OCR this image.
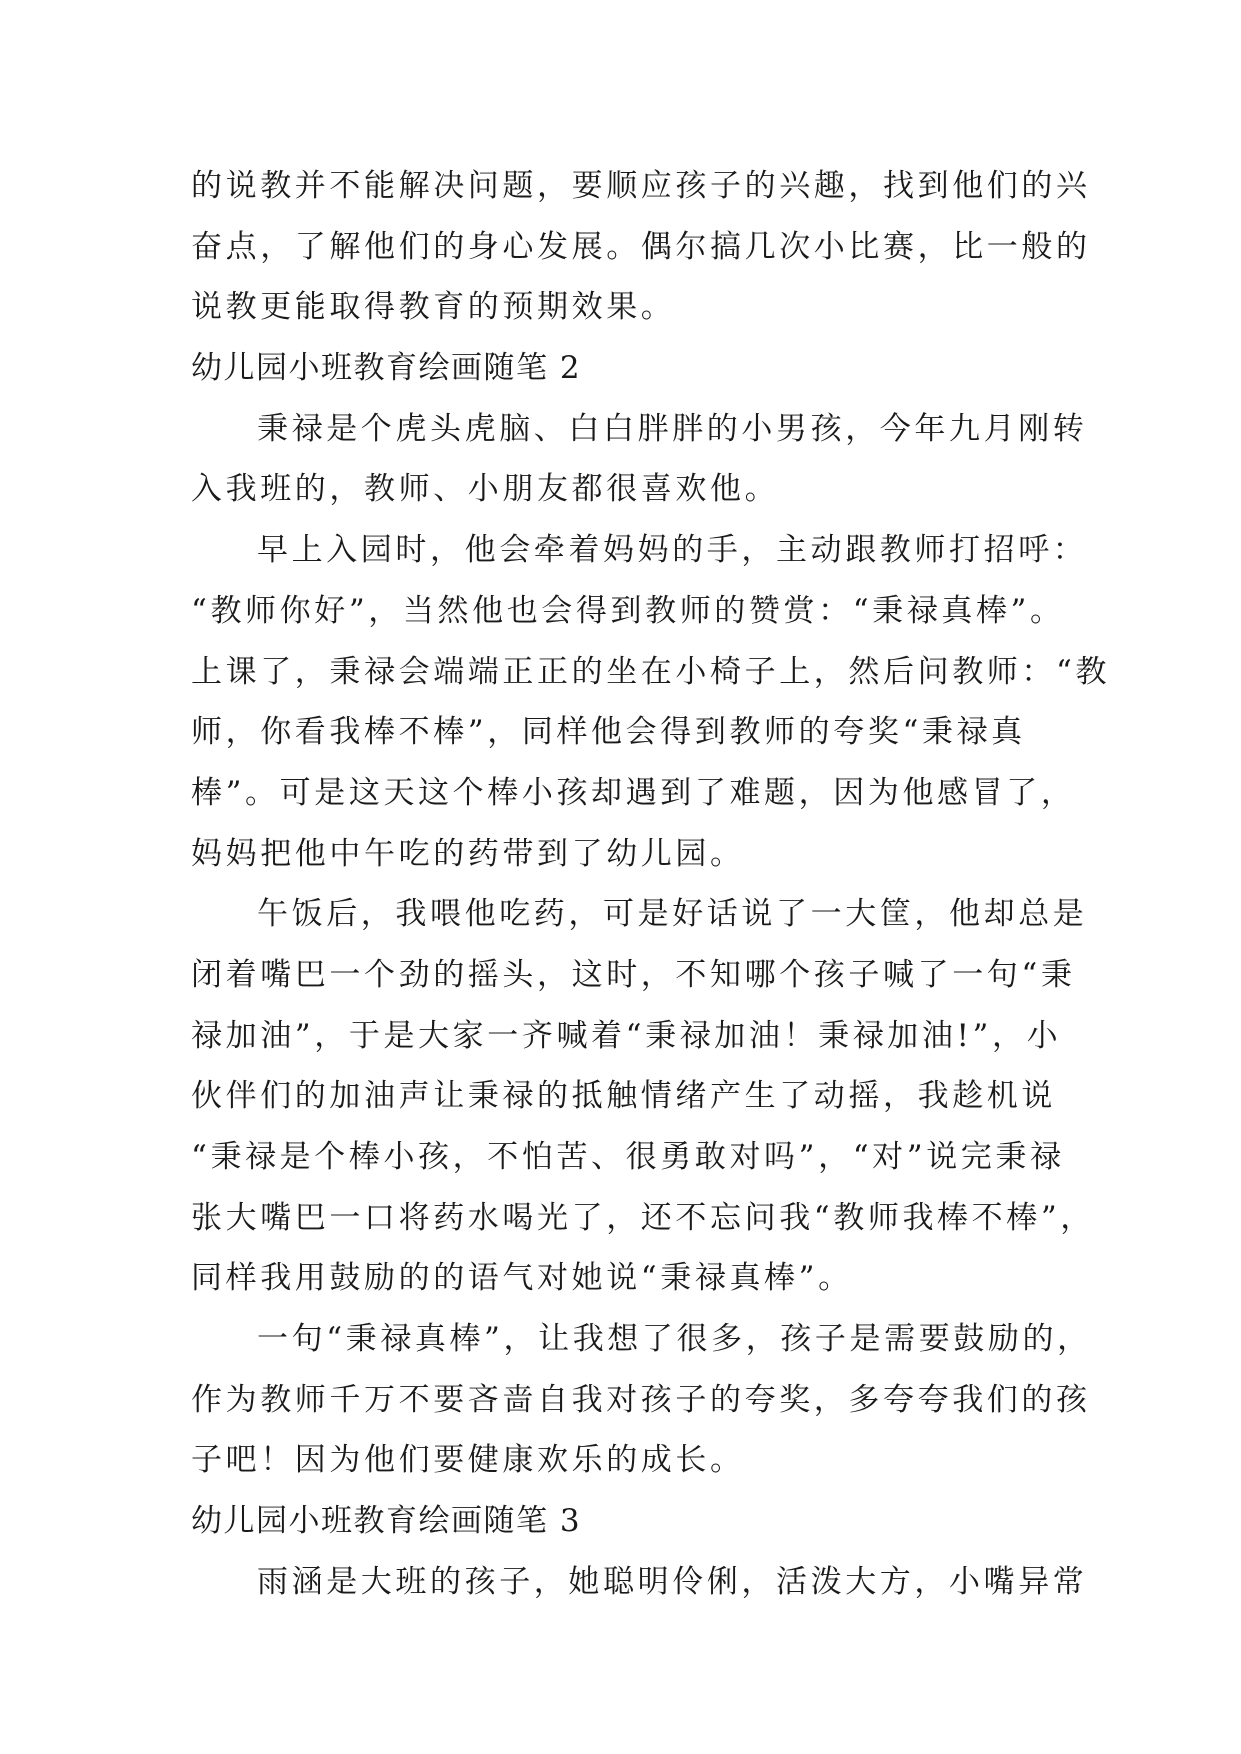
的说教并不能解决问题，要顺应孩子的兴趣，找到他们的兴
奋点，了解他们的身心发展。偶尔搞几次小比赛，比一般的
说教更能取得教育的预期效果。
幼儿园小班教育绘画随笔 2
秉禄是个虎头虎脑、白白胖胖的小男孩，今年九月刚转
入我班的，教师、小朋友都很喜欢他。
早上入园时，他会牵着妈妈的手，主动跟教师打招呼：
“教师你好”，当然他也会得到教师的赞赏：“秉禄真棒”。
上课了，秉禄会端端正正的坐在小椅子上，然后问教师：“教
师，你看我棒不棒”，同样他会得到教师的夸奖“秉禄真
棒”。可是这天这个棒小孩却遇到了难题，因为他感冒了，
妈妈把他中午吃的药带到了幼儿园。
午饭后，我喂他吃药，可是好话说了一大筐，他却总是
闭着嘴巴一个劲的摇头，这时，不知哪个孩子喊了一句“秉
禄加油”，于是大家一齐喊着“秉禄加油！秉禄加油!”，小
伙伴们的加油声让秉禄的抵触情绪产生了动摇，我趁机说
“秉禄是个棒小孩，不怕苦、很勇敢对吗”，“对”说完秉禄
张大嘴巴一口将药水喝光了，还不忘问我“教师我棒不棒”，
同样我用鼓励的的语气对她说“秉禄真棒”。
一句“秉禄真棒”，让我想了很多，孩子是需要鼓励的，
作为教师千万不要吝啬自我对孩子的夸奖，多夸夸我们的孩
子吧！因为他们要健康欢乐的成长。
幼儿园小班教育绘画随笔 3
雨涵是大班的孩子，她聪明伶俐，活泼大方，小嘴异常
